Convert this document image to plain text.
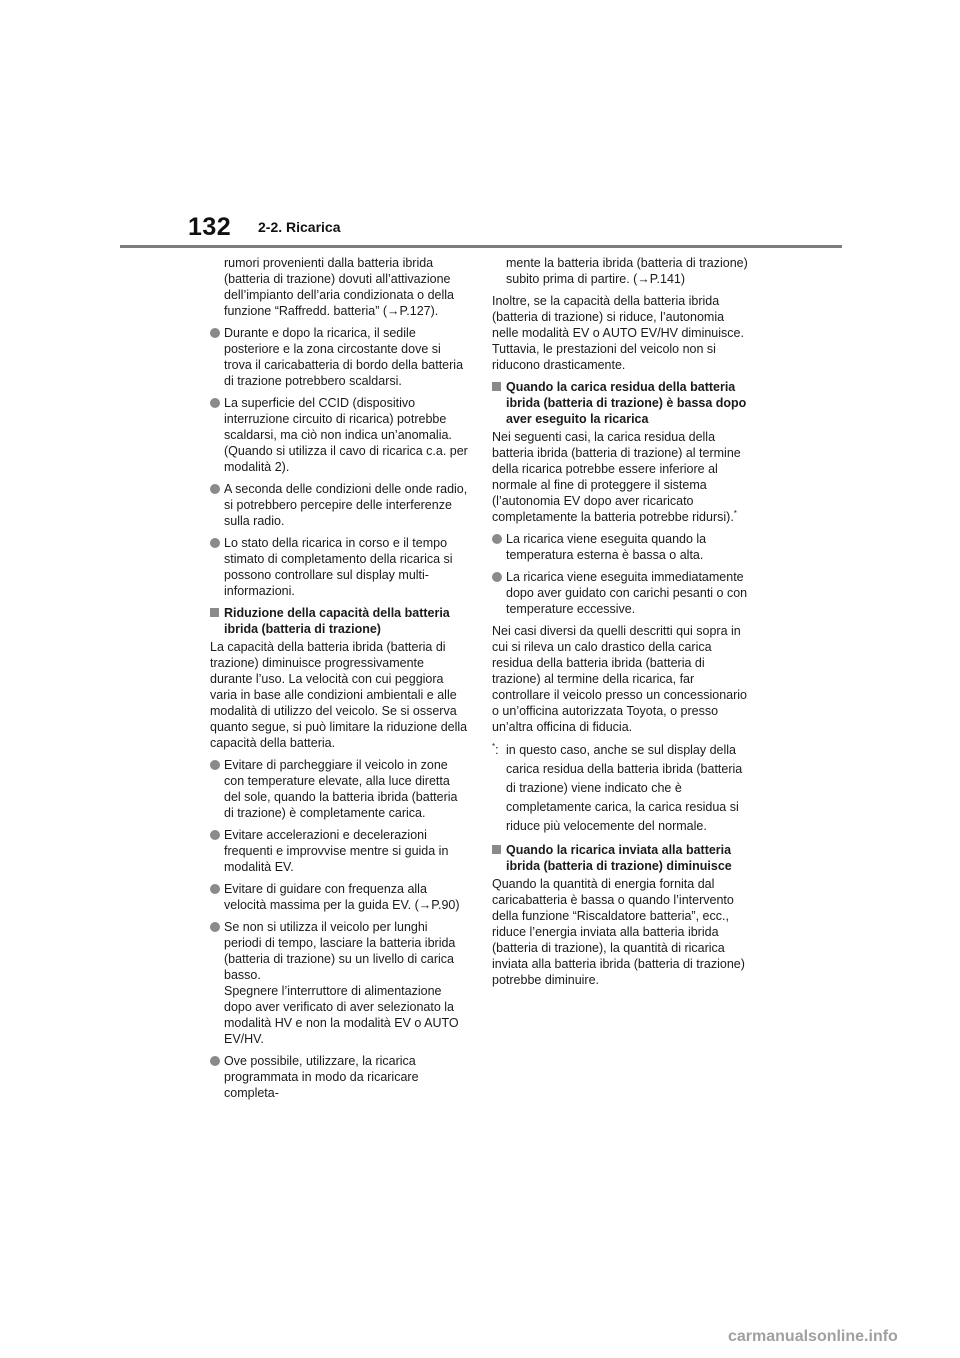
132 2-2. Ricarica

rumori provenienti dalla batteria ibrida (batteria di trazione) dovuti all’attivazione dell’impianto dell’aria condizionata o della funzione “Raffredd. batteria” (→P.127).

Durante e dopo la ricarica, il sedile posteriore e la zona circostante dove si trova il caricabatteria di bordo della batteria di trazione potrebbero scaldarsi.
La superficie del CCID (dispositivo interruzione circuito di ricarica) potrebbe scaldarsi, ma ciò non indica un’anomalia. (Quando si utilizza il cavo di ricarica c.a. per modalità 2).
A seconda delle condizioni delle onde radio, si potrebbero percepire delle interferenze sulla radio.
Lo stato della ricarica in corso e il tempo stimato di completamento della ricarica si possono controllare sul display multi-informazioni.
Riduzione della capacità della batteria ibrida (batteria di trazione)

La capacità della batteria ibrida (batteria di trazione) diminuisce progressivamente durante l’uso. La velocità con cui peggiora varia in base alle condizioni ambientali e alle modalità di utilizzo del veicolo. Se si osserva quanto segue, si può limitare la riduzione della capacità della batteria.

Evitare di parcheggiare il veicolo in zone con temperature elevate, alla luce diretta del sole, quando la batteria ibrida (batteria di trazione) è completamente carica.
Evitare accelerazioni e decelerazioni frequenti e improvvise mentre si guida in modalità EV.
Evitare di guidare con frequenza alla velocità massima per la guida EV. (→P.90)
Se non si utilizza il veicolo per lunghi periodi di tempo, lasciare la batteria ibrida (batteria di trazione) su un livello di carica basso.
Spegnere l’interruttore di alimentazione dopo aver verificato di aver selezionato la modalità HV e non la modalità EV o AUTO EV/HV.
Ove possibile, utilizzare, la ricarica programmata in modo da ricaricare completa-

mente la batteria ibrida (batteria di trazione) subito prima di partire. (→P.141)

Inoltre, se la capacità della batteria ibrida (batteria di trazione) si riduce, l’autonomia nelle modalità EV o AUTO EV/HV diminuisce. Tuttavia, le prestazioni del veicolo non si riducono drasticamente.

Quando la carica residua della batteria ibrida (batteria di trazione) è bassa dopo aver eseguito la ricarica

Nei seguenti casi, la carica residua della batteria ibrida (batteria di trazione) al termine della ricarica potrebbe essere inferiore al normale al fine di proteggere il sistema (l’autonomia EV dopo aver ricaricato completamente la batteria potrebbe ridursi).*

La ricarica viene eseguita quando la temperatura esterna è bassa o alta.
La ricarica viene eseguita immediatamente dopo aver guidato con carichi pesanti o con temperature eccessive.

Nei casi diversi da quelli descritti qui sopra in cui si rileva un calo drastico della carica residua della batteria ibrida (batteria di trazione) al termine della ricarica, far controllare il veicolo presso un concessionario o un’officina autorizzata Toyota, o presso un’altra officina di fiducia.

*: in questo caso, anche se sul display della carica residua della batteria ibrida (batteria di trazione) viene indicato che è completamente carica, la carica residua si riduce più velocemente del normale.
Quando la ricarica inviata alla batteria ibrida (batteria di trazione) diminuisce

Quando la quantità di energia fornita dal caricabatteria è bassa o quando l’intervento della funzione “Riscaldatore batteria”, ecc., riduce l’energia inviata alla batteria ibrida (batteria di trazione), la quantità di ricarica inviata alla batteria ibrida (batteria di trazione) potrebbe diminuire.

carmanualsonline.info
